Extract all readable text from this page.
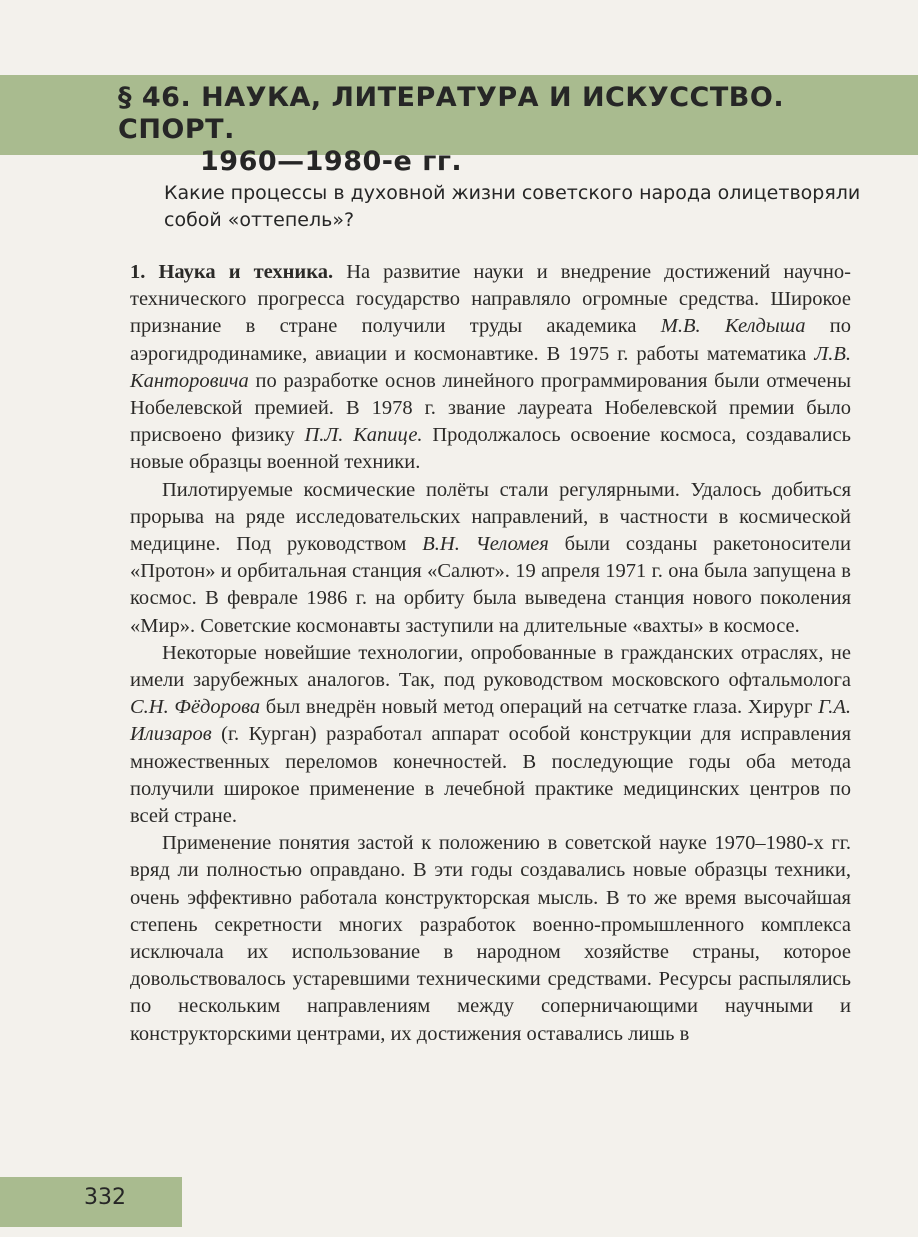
§ 46. НАУКА, ЛИТЕРАТУРА И ИСКУССТВО. СПОРТ.
1960—1980-е гг.

Какие процессы в духовной жизни советского народа олицетворяли собой «оттепель»?

1. Наука и техника. На развитие науки и внедрение достижений научно-технического прогресса государство направляло огромные средства. Широкое признание в стране получили труды академика М.В. Келдыша по аэрогидродинамике, авиации и космонавтике. В 1975 г. работы математика Л.В. Канторовича по разработке основ линейного программирования были отмечены Нобелевской премией. В 1978 г. звание лауреата Нобелевской премии было присвоено физику П.Л. Капице. Продолжалось освоение космоса, создавались новые образцы военной техники.

Пилотируемые космические полёты стали регулярными. Удалось добиться прорыва на ряде исследовательских направлений, в частности в космической медицине. Под руководством В.Н. Челомея были созданы ракетоносители «Протон» и орбитальная станция «Салют». 19 апреля 1971 г. она была запущена в космос. В феврале 1986 г. на орбиту была выведена станция нового поколения «Мир». Советские космонавты заступили на длительные «вахты» в космосе.

Некоторые новейшие технологии, опробованные в гражданских отраслях, не имели зарубежных аналогов. Так, под руководством московского офтальмолога С.Н. Фёдорова был внедрён новый метод операций на сетчатке глаза. Хирург Г.А. Илизаров (г. Курган) разработал аппарат особой конструкции для исправления множественных переломов конечностей. В последующие годы оба метода получили широкое применение в лечебной практике медицинских центров по всей стране.

Применение понятия застой к положению в советской науке 1970–1980-х гг. вряд ли полностью оправдано. В эти годы создавались новые образцы техники, очень эффективно работала конструкторская мысль. В то же время высочайшая степень секретности многих разработок военно-промышленного комплекса исключала их использование в народном хозяйстве страны, которое довольствовалось устаревшими техническими средствами. Ресурсы распылялись по нескольким направлениям между соперничающими научными и конструкторскими центрами, их достижения оставались лишь в

332
